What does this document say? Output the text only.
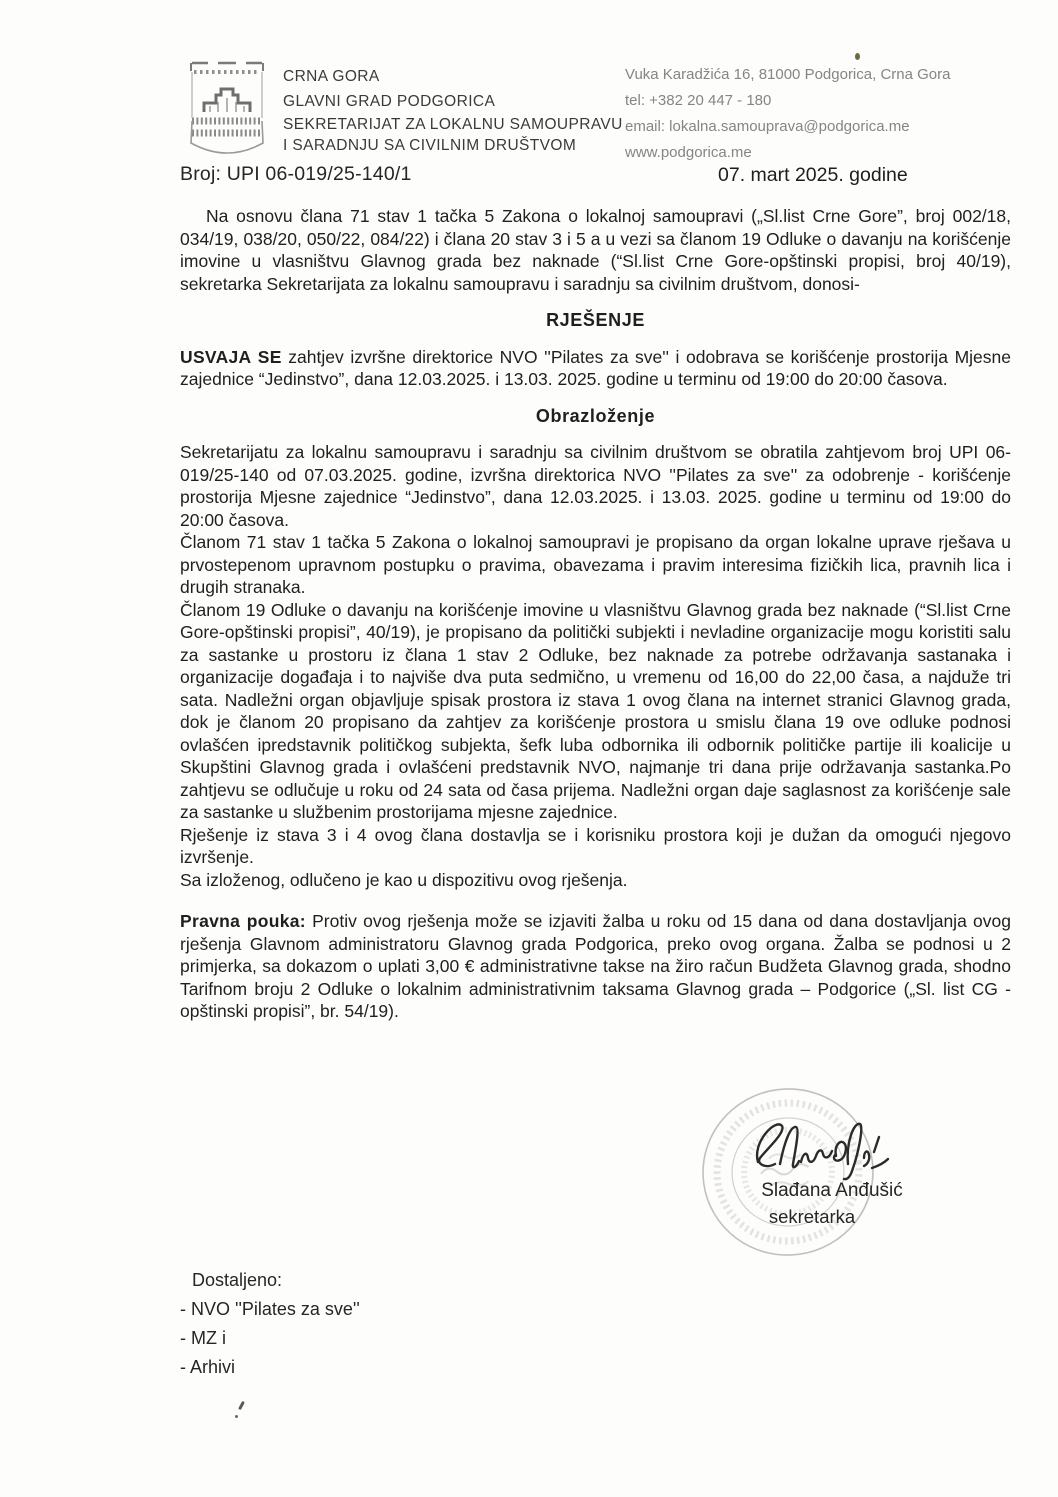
CRNA GORA
GLAVNI GRAD PODGORICA
SEKRETARIJAT ZA LOKALNU SAMOUPRAVU
I SARADNJU SA CIVILNIM DRUŠTVOM
Vuka Karadžića 16, 81000 Podgorica, Crna Gora
tel: +382 20 447 - 180
email: lokalna.samouprava@podgorica.me
www.podgorica.me
Broj: UPI 06-019/25-140/1	07. mart 2025. godine

Na osnovu člana 71 stav 1 tačka 5 Zakona o lokalnoj samoupravi („Sl.list Crne Gore”, broj 002/18, 034/19, 038/20, 050/22, 084/22) i člana 20 stav 3 i 5 a u vezi sa članom 19 Odluke o davanju na korišćenje imovine u vlasništvu Glavnog grada bez naknade (“Sl.list Crne Gore-opštinski propisi, broj 40/19), sekretarka Sekretarijata za lokalnu samoupravu i saradnju sa civilnim društvom, donosi-

RJEŠENJE

USVAJA SE zahtjev izvršne direktorice NVO ''Pilates za sve'' i odobrava se korišćenje prostorija Mjesne zajednice “Jedinstvo”, dana 12.03.2025. i 13.03. 2025. godine u terminu od 19:00 do 20:00 časova.

Obrazloženje

Sekretarijatu za lokalnu samoupravu i saradnju sa civilnim društvom se obratila zahtjevom broj UPI 06-019/25-140 od 07.03.2025. godine, izvršna direktorica NVO ''Pilates za sve'' za odobrenje - korišćenje prostorija Mjesne zajednice “Jedinstvo”, dana 12.03.2025. i 13.03. 2025. godine u terminu od 19:00 do 20:00 časova.

Članom 71 stav 1 tačka 5 Zakona o lokalnoj samoupravi je propisano da organ lokalne uprave rješava u prvostepenom upravnom postupku o pravima, obavezama i pravim interesima fizičkih lica, pravnih lica i drugih stranaka.

Članom 19 Odluke o davanju na korišćenje imovine u vlasništvu Glavnog grada bez naknade (“Sl.list Crne Gore-opštinski propisi”, 40/19), je propisano da politički subjekti i nevladine organizacije mogu koristiti salu za sastanke u prostoru iz člana 1 stav 2 Odluke, bez naknade za potrebe održavanja sastanaka i organizacije događaja i to najviše dva puta sedmično, u vremenu od 16,00 do 22,00 časa, a najduže tri sata. Nadležni organ objavljuje spisak prostora iz stava 1 ovog člana na internet stranici Glavnog grada, dok je članom 20 propisano da zahtjev za korišćenje prostora u smislu člana 19 ove odluke podnosi ovlašćen ipredstavnik političkog subjekta, šefk luba odbornika ili odbornik političke partije ili koalicije u Skupštini Glavnog grada i ovlašćeni predstavnik NVO, najmanje tri dana prije održavanja sastanka.Po zahtjevu se odlučuje u roku od 24 sata od časa prijema. Nadležni organ daje saglasnost za korišćenje sale za sastanke u službenim prostorijama mjesne zajednice.

Rješenje iz stava 3 i 4 ovog člana dostavlja se i korisniku prostora koji je dužan da omogući njegovo izvršenje.

Sa izloženog, odlučeno je kao u dispozitivu ovog rješenja.

Pravna pouka: Protiv ovog rješenja može se izjaviti žalba u roku od 15 dana od dana dostavljanja ovog rješenja Glavnom administratoru Glavnog grada Podgorica, preko ovog organa. Žalba se podnosi u 2 primjerka, sa dokazom o uplati 3,00 € administrativne takse na žiro račun Budžeta Glavnog grada, shodno Tarifnom broju 2 Odluke o lokalnim administrativnim taksama Glavnog grada – Podgorice („Sl. list CG - opštinski propisi”, br. 54/19).

Slađana Anđušić
sekretarka
Dostaljeno:
- NVO ''Pilates za sve''
- MZ i
- Arhivi
